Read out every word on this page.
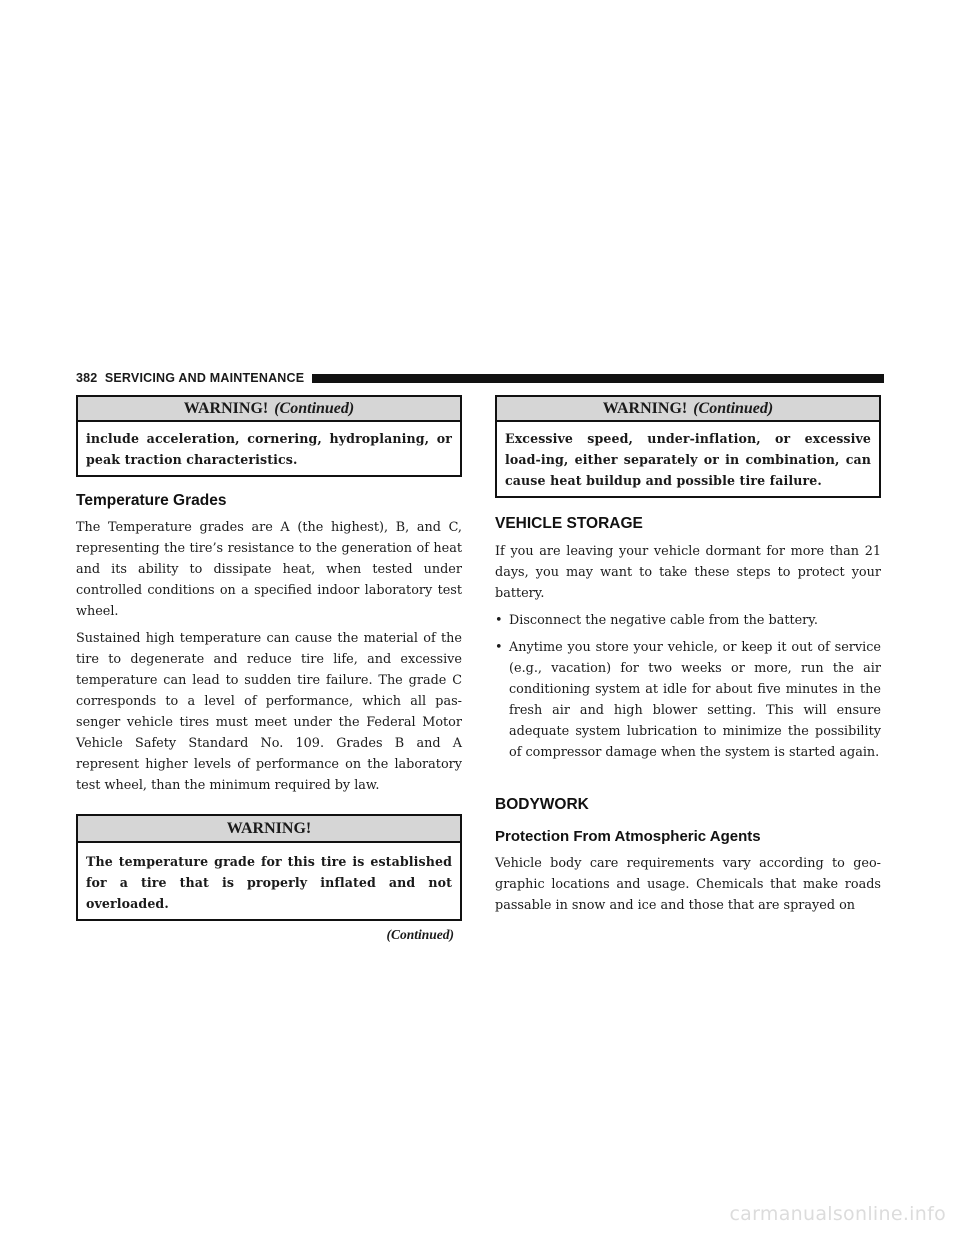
382 SERVICING AND MAINTENANCE
WARNING! (Continued)
include acceleration, cornering, hydroplaning, or peak traction characteristics.
Temperature Grades

The Temperature grades are A (the highest), B, and C, representing the tire’s resistance to the generation of heat and its ability to dissipate heat, when tested under controlled conditions on a specified indoor laboratory test wheel.

Sustained high temperature can cause the material of the tire to degenerate and reduce tire life, and excessive temperature can lead to sudden tire failure. The grade C corresponds to a level of performance, which all pas-senger vehicle tires must meet under the Federal Motor Vehicle Safety Standard No. 109. Grades B and A represent higher levels of performance on the laboratory test wheel, than the minimum required by law.

WARNING!
The temperature grade for this tire is established for a tire that is properly inflated and not overloaded.
(Continued)
WARNING! (Continued)
Excessive speed, under-inflation, or excessive load-ing, either separately or in combination, can cause heat buildup and possible tire failure.
VEHICLE STORAGE

If you are leaving your vehicle dormant for more than 21 days, you may want to take these steps to protect your battery.

• Disconnect the negative cable from the battery.
• Anytime you store your vehicle, or keep it out of service (e.g., vacation) for two weeks or more, run the air conditioning system at idle for about five minutes in the fresh air and high blower setting. This will ensure adequate system lubrication to minimize the possibility of compressor damage when the system is started again.
BODYWORK
Protection From Atmospheric Agents

Vehicle body care requirements vary according to geo-graphic locations and usage. Chemicals that make roads passable in snow and ice and those that are sprayed on

carmanualsonline.info
